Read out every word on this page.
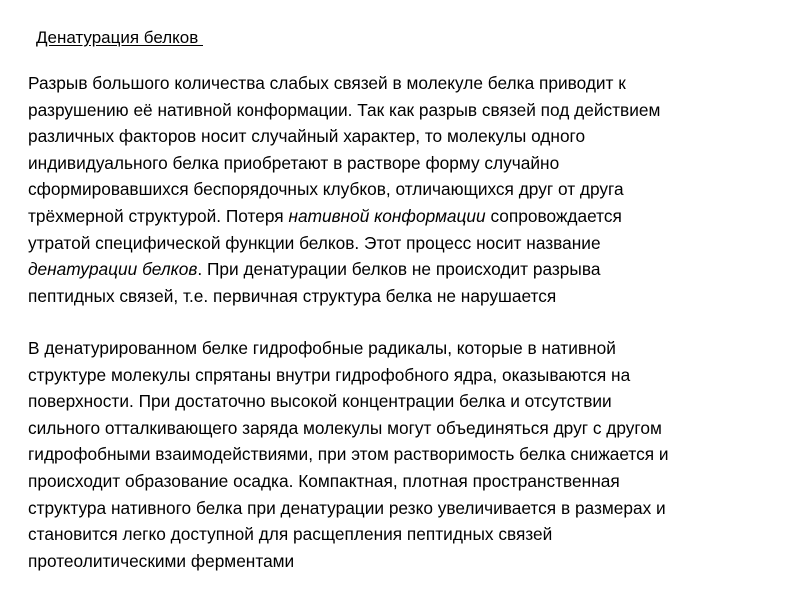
Денатурация белков

Разрыв большого количества слабых связей в молекуле белка приводит к
разрушению её нативной конформации. Так как разрыв связей под действием
различных факторов носит случайный характер, то молекулы одного
индивидуального белка приобретают в растворе форму случайно
сформировавшихся беспорядочных клубков, отличающихся друг от друга
трёхмерной структурой. Потеря нативной конформации сопровождается
утратой специфической функции белков. Этот процесс носит название
денатурации белков. При денатурации белков не происходит разрыва
пептидных связей, т.е. первичная структура белка не нарушается

В денатурированном белке гидрофобные радикалы, которые в нативной
структуре молекулы спрятаны внутри гидрофобного ядра, оказываются на
поверхности. При достаточно высокой концентрации белка и отсутствии
сильного отталкивающего заряда молекулы могут объединяться друг с другом
гидрофобными взаимодействиями, при этом растворимость белка снижается и
происходит образование осадка. Компактная, плотная пространственная
структура нативного белка при денатурации резко увеличивается в размерах и
становится легко доступной для расщепления пептидных связей
протеолитическими ферментами
